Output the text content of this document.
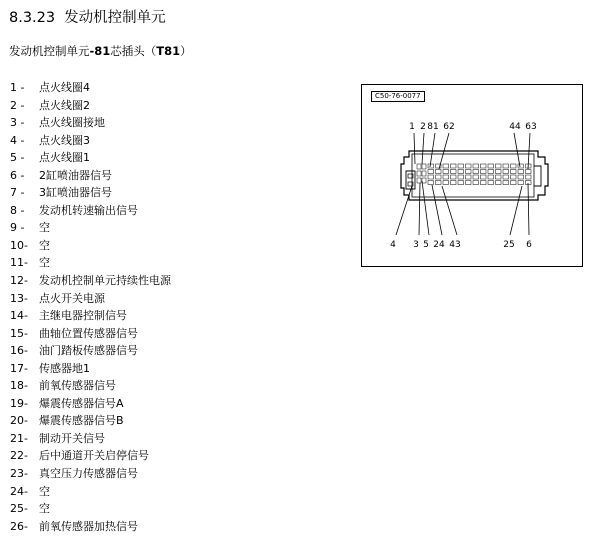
8.3.23 发动机控制单元
发动机控制单元-81芯插头（T81）
1 - 点火线圈4
2 - 点火线圈2
3 - 点火线圈接地
4 - 点火线圈3
5 - 点火线圈1
6 - 2缸喷油器信号
7 - 3缸喷油器信号
8 - 发动机转速输出信号
9 - 空
10- 空
11- 空
12- 发动机控制单元持续性电源
13- 点火开关电源
14- 主继电器控制信号
15- 曲轴位置传感器信号
16- 油门踏板传感器信号
17- 传感器地1
18- 前氧传感器信号
19- 爆震传感器信号A
20- 爆震传感器信号B
21- 制动开关信号
22- 后中通道开关启停信号
23- 真空压力传感器信号
24- 空
25- 空
26- 前氧传感器加热信号
C50-76-0077
1 2 81 62	44 63
4 3 5 24 43	25 6
